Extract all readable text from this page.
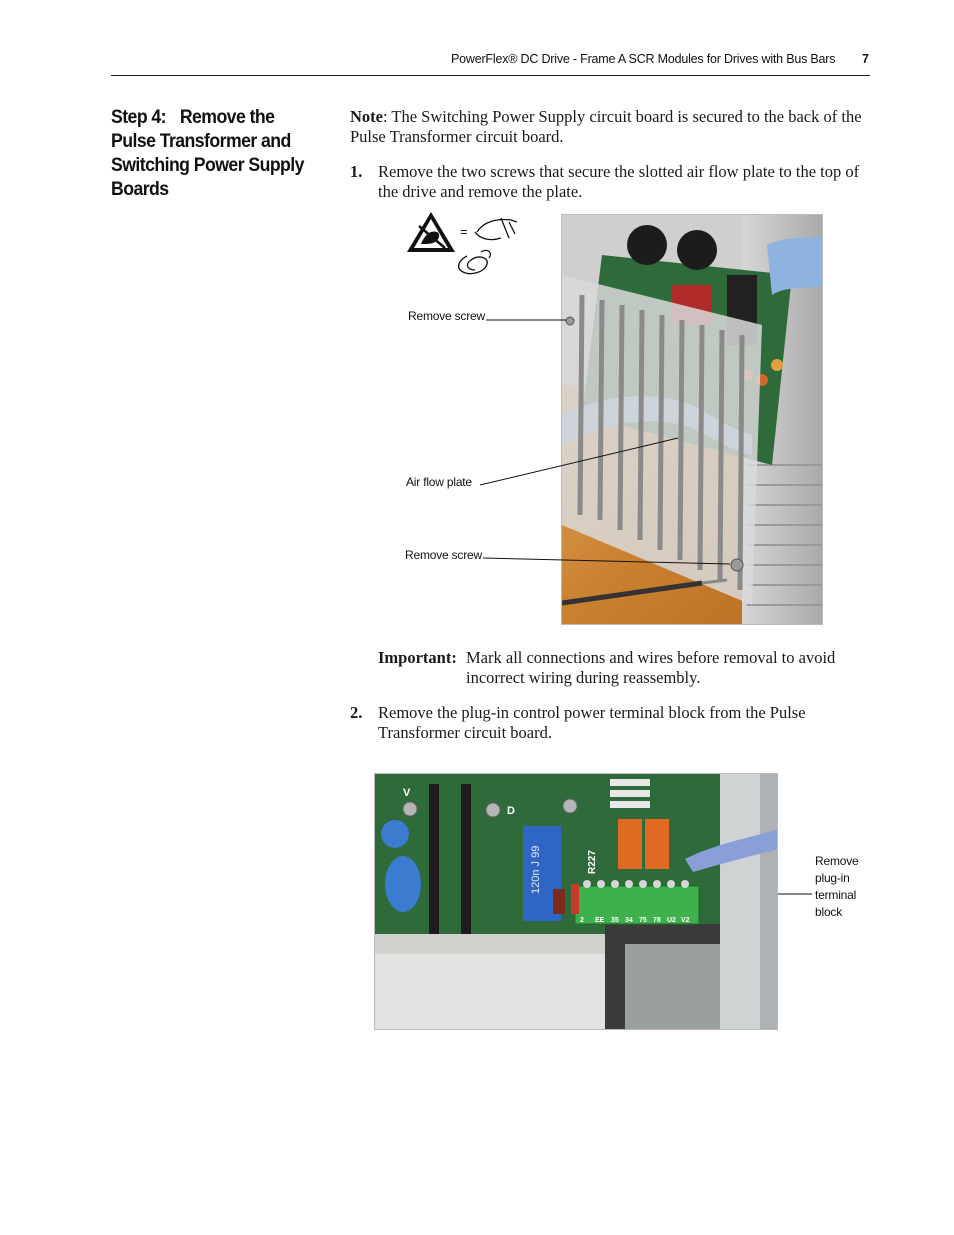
PowerFlex® DC Drive - Frame A SCR Modules for Drives with Bus Bars 7
Step 4: Remove the Pulse Transformer and Switching Power Supply Boards
Note: The Switching Power Supply circuit board is secured to the back of the Pulse Transformer circuit board.
1. Remove the two screws that secure the slotted air flow plate to the top of the drive and remove the plate.
=
Remove screw
Air flow plate
Remove screw
Important: Mark all connections and wires before removal to avoid incorrect wiring during reassembly.
2. Remove the plug-in control power terminal block from the Pulse Transformer circuit board.
120n J 99
V
D
R227
2 EE 35 34 75 78 U2 V2
Remove
plug-in
terminal
block
